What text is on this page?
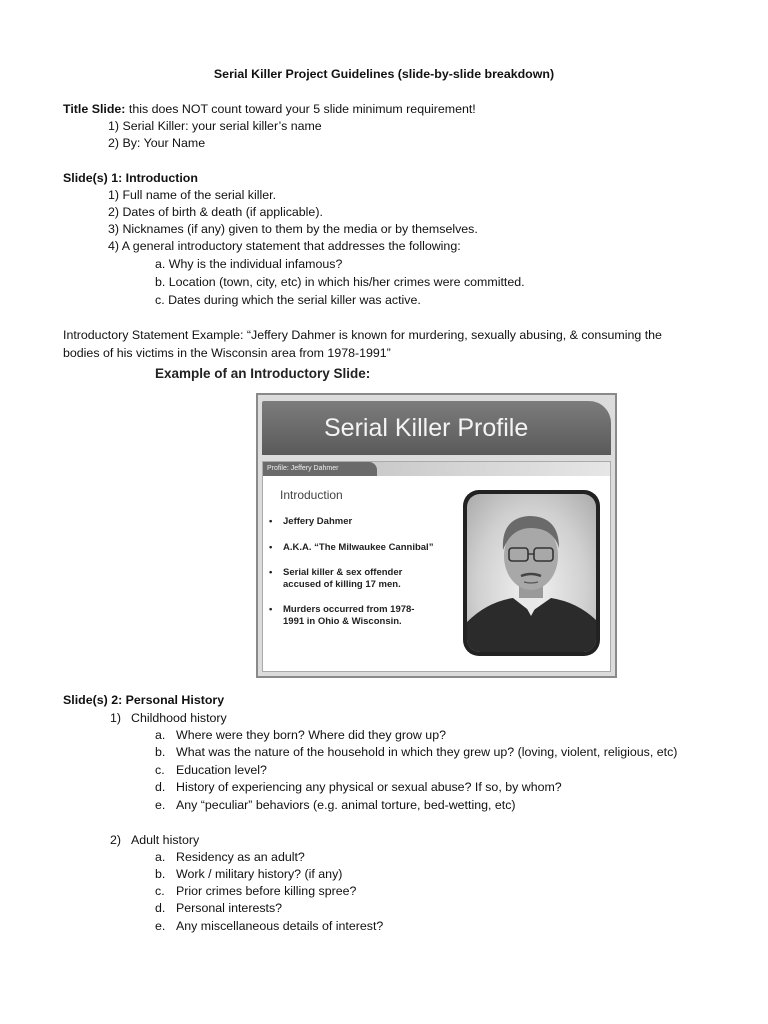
Serial Killer Project Guidelines (slide-by-slide breakdown)
Title Slide: this does NOT count toward your 5 slide minimum requirement!
1) Serial Killer: your serial killer’s name
2) By: Your Name
Slide(s) 1: Introduction
1) Full name of the serial killer.
2) Dates of birth & death (if applicable).
3) Nicknames (if any) given to them by the media or by themselves.
4) A general introductory statement that addresses the following:
a. Why is the individual infamous?
b. Location (town, city, etc) in which his/her crimes were committed.
c. Dates during which the serial killer was active.
Introductory Statement Example: “Jeffery Dahmer is known for murdering, sexually abusing, & consuming the
bodies of his victims in the Wisconsin area from 1978-1991”
Example of an Introductory Slide:
Serial Killer Profile
Profile: Jeffery Dahmer
Introduction
• Jeffery Dahmer
• A.K.A. “The Milwaukee Cannibal”
• Serial killer & sex offender
accused of killing 17 men.
• Murders occurred from 1978-
1991 in Ohio & Wisconsin.
Slide(s) 2: Personal History
1) Childhood history
a. Where were they born? Where did they grow up?
b. What was the nature of the household in which they grew up? (loving, violent, religious, etc)
c. Education level?
d. History of experiencing any physical or sexual abuse? If so, by whom?
e. Any “peculiar” behaviors (e.g. animal torture, bed-wetting, etc)
2) Adult history
a. Residency as an adult?
b. Work / military history? (if any)
c. Prior crimes before killing spree?
d. Personal interests?
e. Any miscellaneous details of interest?
